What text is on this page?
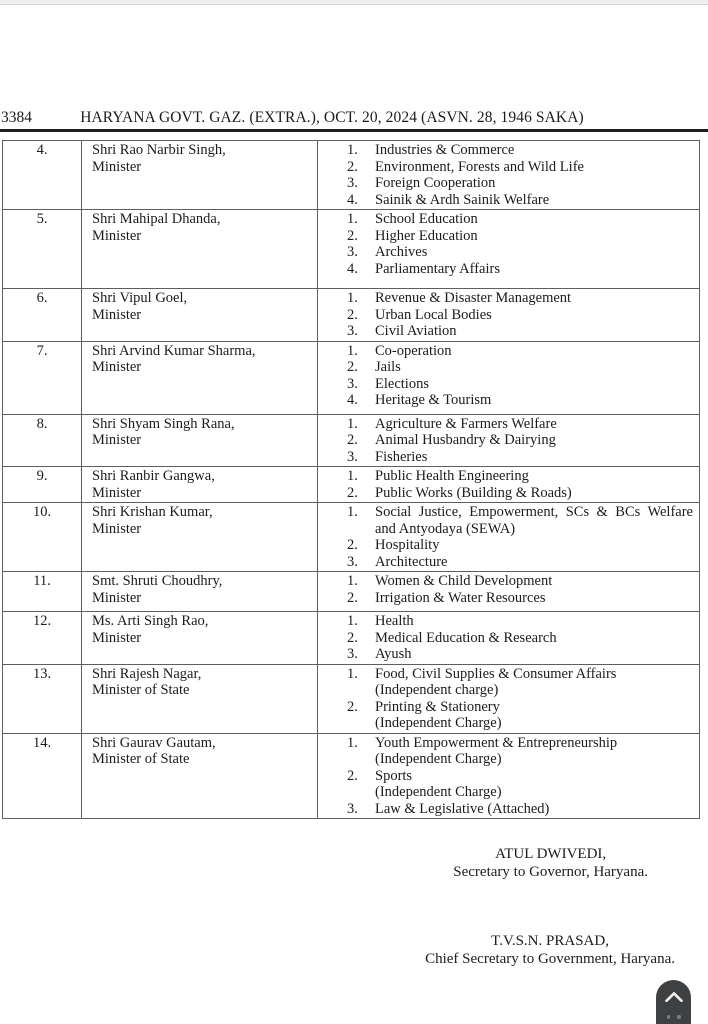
3384	HARYANA GOVT. GAZ. (EXTRA.), OCT. 20, 2024 (ASVN. 28, 1946 SAKA)
4.	Shri Rao Narbir Singh,
Minister

1.	Industries & Commerce
2.	Environment, Forests and Wild Life
3.	Foreign Cooperation
4.	Sainik & Ardh Sainik Welfare

5.	Shri Mahipal Dhanda,
Minister

1.	School Education
2.	Higher Education
3.	Archives
4.	Parliamentary Affairs

6.	Shri Vipul Goel,
Minister

1.	Revenue & Disaster Management
2.	Urban Local Bodies
3.	Civil Aviation

7.	Shri Arvind Kumar Sharma,
Minister

1.	Co-operation
2.	Jails
3.	Elections
4.	Heritage & Tourism

8.	Shri Shyam Singh Rana,
Minister

1.	Agriculture & Farmers Welfare
2.	Animal Husbandry & Dairying
3.	Fisheries

9.	Shri Ranbir Gangwa,
Minister

1.	Public Health Engineering
2.	Public Works (Building & Roads)

10.	Shri Krishan Kumar,
Minister

1.	Social Justice, Empowerment, SCs & BCs Welfare
and Antyodaya (SEWA)
2.	Hospitality
3.	Architecture

11.	Smt. Shruti Choudhry,
Minister

1.	Women & Child Development
2.	Irrigation & Water Resources

12.	Ms. Arti Singh Rao,
Minister

1.	Health
2.	Medical Education & Research
3.	Ayush

13.	Shri Rajesh Nagar,
Minister of State

1.	Food, Civil Supplies & Consumer Affairs
(Independent charge)
2.	Printing & Stationery
(Independent Charge)

14.	Shri Gaurav Gautam,
Minister of State

1.	Youth Empowerment & Entrepreneurship
(Independent Charge)
2.	Sports
(Independent Charge)
3.	Law & Legislative (Attached)
ATUL DWIVEDI,
Secretary to Governor, Haryana.
T.V.S.N. PRASAD,
Chief Secretary to Government, Haryana.
